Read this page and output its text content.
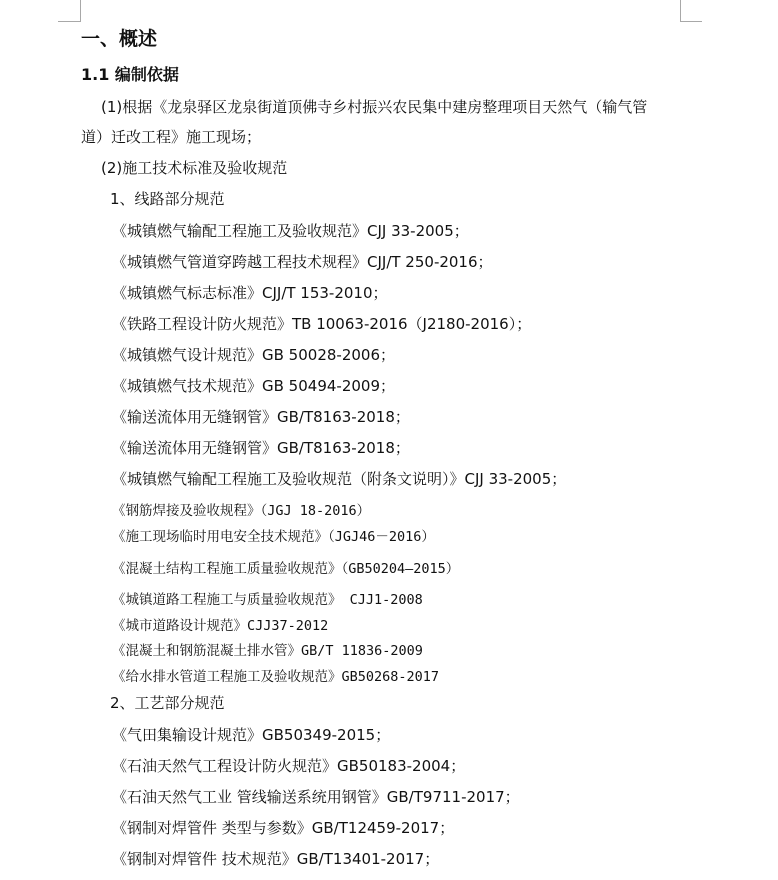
一、概述
1.1 编制依据
(1)根据《龙泉驿区龙泉街道顶佛寺乡村振兴农民集中建房整理项目天然气（输气管
道）迁改工程》施工现场；
(2)施工技术标准及验收规范
1、线路部分规范
《城镇燃气输配工程施工及验收规范》CJJ 33-2005；
《城镇燃气管道穿跨越工程技术规程》CJJ/T 250-2016；
《城镇燃气标志标准》CJJ/T 153-2010；
《铁路工程设计防火规范》TB 10063-2016（J2180-2016）；
《城镇燃气设计规范》GB 50028-2006；
《城镇燃气技术规范》GB 50494-2009；
《输送流体用无缝钢管》GB/T8163-2018；
《输送流体用无缝钢管》GB/T8163-2018；
《城镇燃气输配工程施工及验收规范（附条文说明）》CJJ 33-2005；
《钢筋焊接及验收规程》（JGJ 18-2016）
《施工现场临时用电安全技术规范》（JGJ46－2016）
《混凝土结构工程施工质量验收规范》（GB50204—2015）
《城镇道路工程施工与质量验收规范》 CJJ1-2008
《城市道路设计规范》CJJ37-2012
《混凝土和钢筋混凝土排水管》GB/T 11836-2009
《给水排水管道工程施工及验收规范》GB50268-2017
2、工艺部分规范
《气田集输设计规范》GB50349-2015；
《石油天然气工程设计防火规范》GB50183-2004；
《石油天然气工业 管线输送系统用钢管》GB/T9711-2017；
《钢制对焊管件 类型与参数》GB/T12459-2017；
《钢制对焊管件 技术规范》GB/T13401-2017；
